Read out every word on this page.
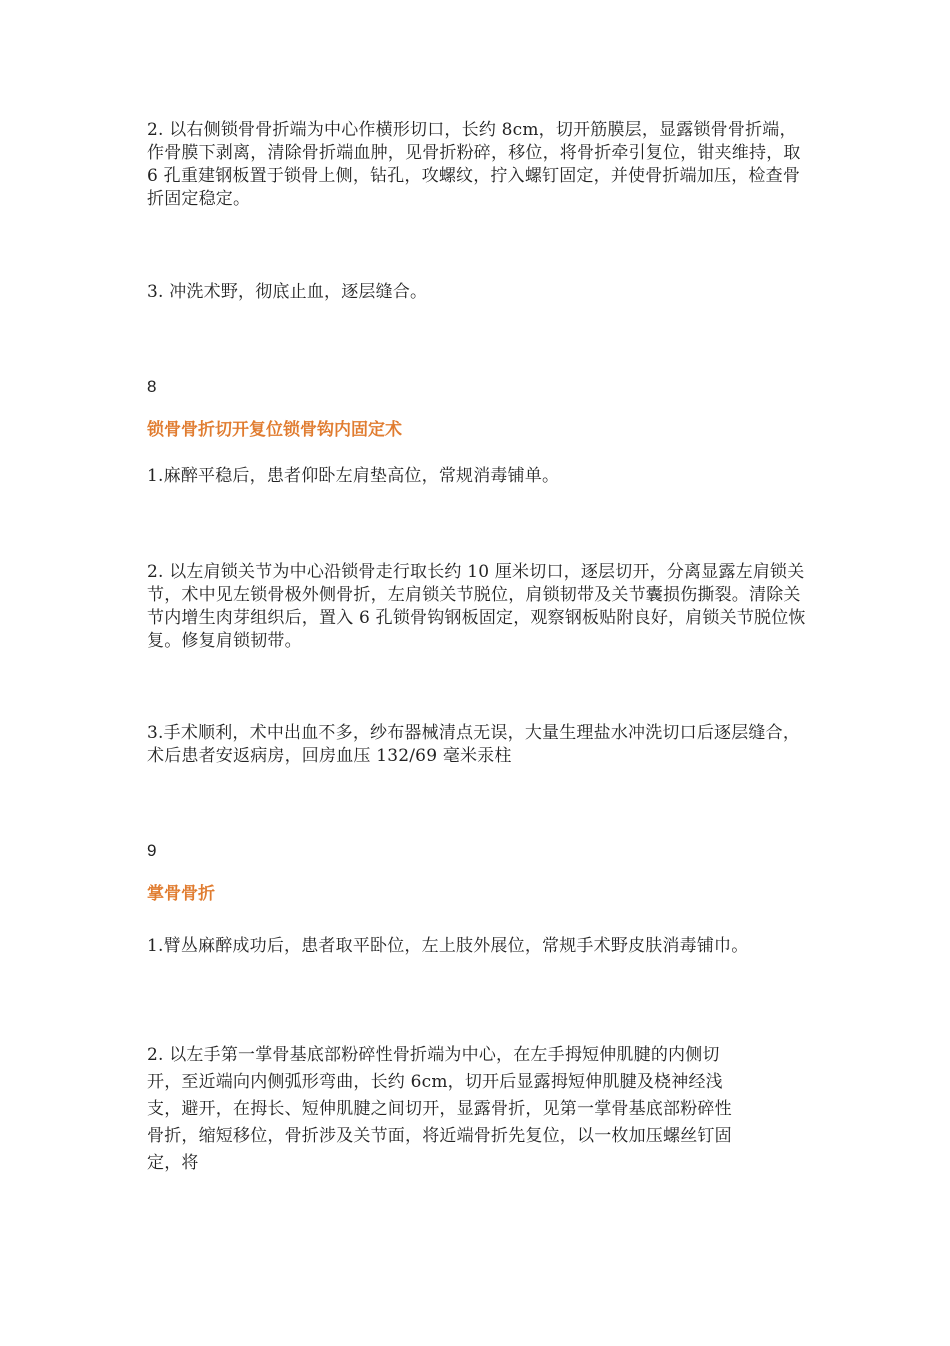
2. 以右侧锁骨骨折端为中心作横形切口，长约 8cm，切开筋膜层，显露锁骨骨折端，作骨膜下剥离，清除骨折端血肿，见骨折粉碎，移位，将骨折牵引复位，钳夹维持，取 6 孔重建钢板置于锁骨上侧，钻孔，攻螺纹，拧入螺钉固定，并使骨折端加压，检查骨折固定稳定。
3. 冲洗术野，彻底止血，逐层缝合。
8
锁骨骨折切开复位锁骨钩内固定术
1.麻醉平稳后，患者仰卧左肩垫高位，常规消毒铺单。
2. 以左肩锁关节为中心沿锁骨走行取长约 10 厘米切口，逐层切开，分离显露左肩锁关节，术中见左锁骨极外侧骨折，左肩锁关节脱位，肩锁韧带及关节囊损伤撕裂。清除关节内增生肉芽组织后，置入 6 孔锁骨钩钢板固定，观察钢板贴附良好，肩锁关节脱位恢复。修复肩锁韧带。
3.手术顺利，术中出血不多，纱布器械清点无误，大量生理盐水冲洗切口后逐层缝合，术后患者安返病房，回房血压 132/69 毫米汞柱
9
掌骨骨折
1.臂丛麻醉成功后，患者取平卧位，左上肢外展位，常规手术野皮肤消毒铺巾。
2. 以左手第一掌骨基底部粉碎性骨折端为中心，在左手拇短伸肌腱的内侧切
开，至近端向内侧弧形弯曲，长约 6cm，切开后显露拇短伸肌腱及桡神经浅
支，避开，在拇长、短伸肌腱之间切开，显露骨折，见第一掌骨基底部粉碎性
骨折，缩短移位，骨折涉及关节面，将近端骨折先复位，以一枚加压螺丝钉固
定，将
